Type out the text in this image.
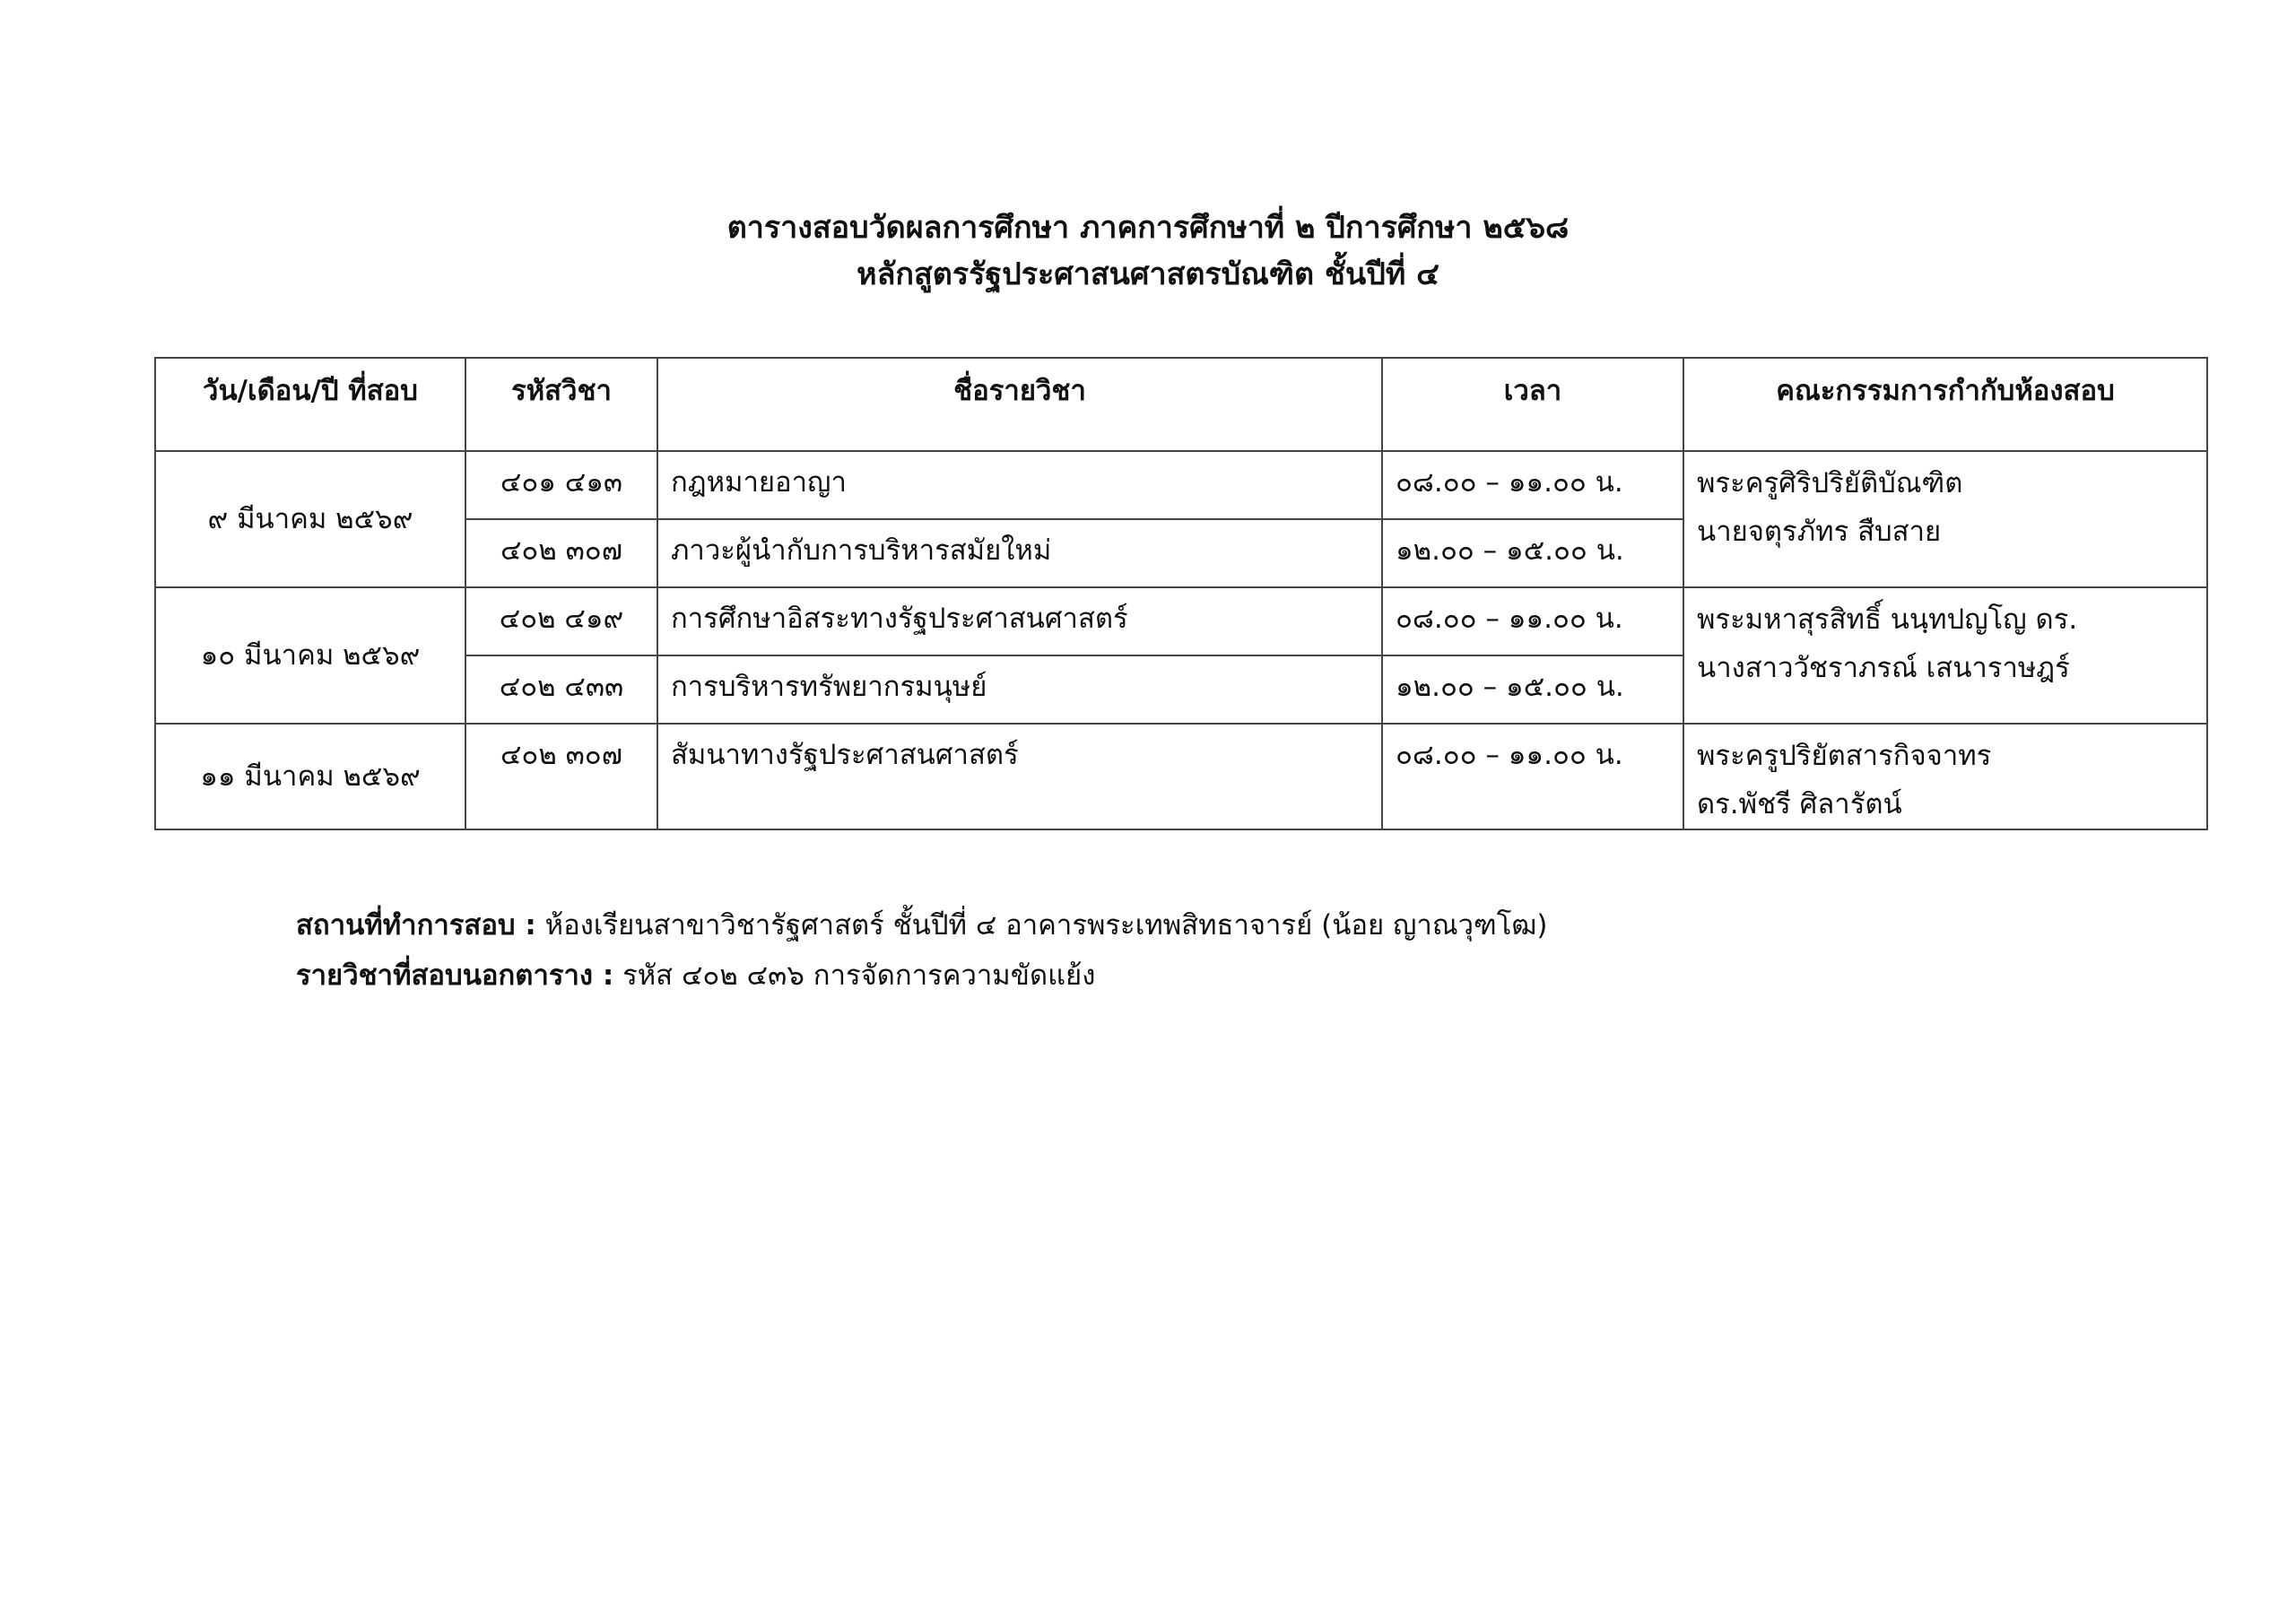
ตารางสอบวัดผลการศึกษา ภาคการศึกษาที่ ๒ ปีการศึกษา ๒๕๖๘
หลักสูตรรัฐประศาสนศาสตรบัณฑิต ชั้นปีที่ ๔
วัน/เดือน/ปี ที่สอบ	รหัสวิชา	ชื่อรายวิชา	เวลา	คณะกรรมการกำกับห้องสอบ
๙ มีนาคม ๒๕๖๙	๔๐๑ ๔๑๓	กฎหมายอาญา	๐๘.๐๐ – ๑๑.๐๐ น.	พระครูศิริปริยัติบัณฑิต
นายจตุรภัทร สืบสาย

	๔๐๒ ๓๐๗	ภาวะผู้นำกับการบริหารสมัยใหม่	๑๒.๐๐ – ๑๕.๐๐ น.	
๑๐ มีนาคม ๒๕๖๙	๔๐๒ ๔๑๙	การศึกษาอิสระทางรัฐประศาสนศาสตร์	๐๘.๐๐ – ๑๑.๐๐ น.	พระมหาสุรสิทธิ์ นนฺทปญโญ ดร.
นางสาววัชราภรณ์ เสนาราษฎร์

	๔๐๒ ๔๓๓	การบริหารทรัพยากรมนุษย์	๑๒.๐๐ – ๑๕.๐๐ น.	
๑๑ มีนาคม ๒๕๖๙	๔๐๒ ๓๐๗	สัมนาทางรัฐประศาสนศาสตร์	๐๘.๐๐ – ๑๑.๐๐ น.	พระครูปริยัตสารกิจจาทร
ดร.พัชรี ศิลารัตน์
สถานที่ทำการสอบ : ห้องเรียนสาขาวิชารัฐศาสตร์ ชั้นปีที่ ๔ อาคารพระเทพสิทธาจารย์ (น้อย ญาณวุฑโฒ)
รายวิชาที่สอบนอกตาราง : รหัส ๔๐๒ ๔๓๖ การจัดการความขัดแย้ง
